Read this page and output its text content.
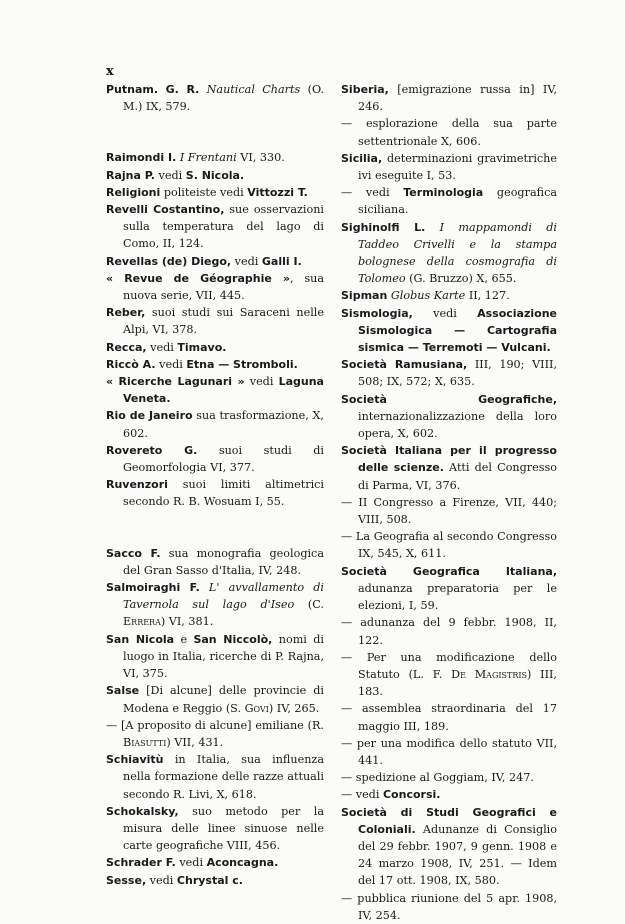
x

Putnam. G. R. Nautical Charts (O. M.) IX, 579.

Raimondi I. I Frentani VI, 330.

Rajna P. vedi S. Nicola.

Religioni politeiste vedi Vittozzi T.

Revelli Costantino, sue osservazioni sulla temperatura del lago di Como, II, 124.

Revellas (de) Diego, vedi Galli I.

« Revue de Géographie », sua nuova serie, VII, 445.

Reber, suoi studi sui Saraceni nelle Alpi, VI, 378.

Recca, vedi Timavo.

Riccò A. vedi Etna — Stromboli.

« Ricerche Lagunari » vedi Laguna Veneta.

Rio de Janeiro sua trasformazione, X, 602.

Rovereto G. suoi studi di Geomorfologia VI, 377.

Ruvenzori suoi limiti altimetrici secondo R. B. Wosuam I, 55.

Sacco F. sua monografia geologica del Gran Sasso d'Italia, IV, 248.

Salmoiraghi F. L' avvallamento di Tavernola sul lago d'Iseo (C. Errera) VI, 381.

San Nicola e San Niccolò, nomi di luogo in Italia, ricerche di P. Rajna, VI, 375.

Salse [Di alcune] delle provincie di Modena e Reggio (S. Govi) IV, 265.

— [A proposito di alcune] emiliane (R. Biasutti) VII, 431.

Schiavitù in Italia, sua influenza nella formazione delle razze attuali secondo R. Livi, X, 618.

Schokalsky, suo metodo per la misura delle linee sinuose nelle carte geografiche VIII, 456.

Schrader F. vedi Aconcagna.

Sesse, vedi Chrystal c.

Siberia, [emigrazione russa in] IV, 246.

— esplorazione della sua parte settentrionale X, 606.

Sicilia, determinazioni gravimetriche ivi eseguite I, 53.

— vedi Terminologia geografica siciliana.

Sighinolfi L. I mappamondi di Taddeo Crivelli e la stampa bolognese della cosmografia di Tolomeo (G. Bruzzo) X, 655.

Sipman Globus Karte II, 127.

Sismologia, vedi Associazione Sismologica — Cartografia sismica — Terremoti — Vulcani.

Società Ramusiana, III, 190; VIII, 508; IX, 572; X, 635.

Società Geografiche, internazionalizzazione della loro opera, X, 602.

Società Italiana per il progresso delle scienze. Atti del Congresso di Parma, VI, 376.

— II Congresso a Firenze, VII, 440; VIII, 508.

— La Geografia al secondo Congresso IX, 545, X, 611.

Società Geografica Italiana, adunanza preparatoria per le elezioni, I, 59.

— adunanza del 9 febbr. 1908, II, 122.

— Per una modificazione dello Statuto (L. F. De Magistris) III, 183.

— assemblea straordinaria del 17 maggio III, 189.

— per una modifica dello statuto VII, 441.

— spedizione al Goggiam, IV, 247.

— vedi Concorsi.

Società di Studi Geografici e Coloniali. Adunanze di Consiglio del 29 febbr. 1907, 9 genn. 1908 e 24 marzo 1908, IV, 251. — Idem del 17 ott. 1908, IX, 580.

— pubblica riunione del 5 apr. 1908, IV, 254.
